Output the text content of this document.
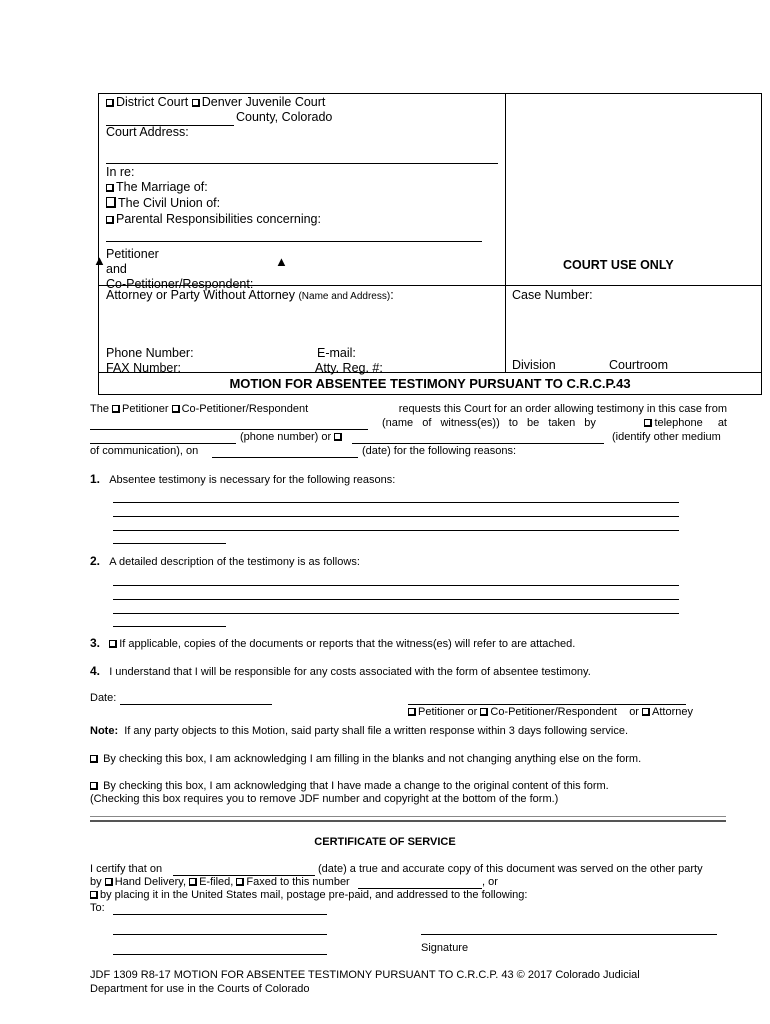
District Court Denver Juvenile Court
County, Colorado
Court Address:
In re:
The Marriage of:
The Civil Union of:
Parental Responsibilities concerning:
Petitioner
and
Co-Petitioner/Respondent:
▲	▲	COURT USE ONLY
Attorney or Party Without Attorney (Name and Address):
Phone Number:
FAX Number:
E-mail:
Atty. Reg. #:
Case Number:
Division	Courtroom
MOTION FOR ABSENTEE TESTIMONY PURSUANT TO C.R.C.P.43
The Petitioner Co-Petitioner/Respondent	requests this Court for an order allowing testimony in this case from
(name of witness(es)) to be taken by	telephone at
(phone number) or	(identify other medium
of communication), on	(date) for the following reasons:
1. Absentee testimony is necessary for the following reasons:
2. A detailed description of the testimony is as follows:
3. If applicable, copies of the documents or reports that the witness(es) will refer to are attached.
4. I understand that I will be responsible for any costs associated with the form of absentee testimony.
Date:
Petitioner or Co-Petitioner/Respondent or Attorney
Note: If any party objects to this Motion, said party shall file a written response within 3 days following service.
By checking this box, I am acknowledging I am filling in the blanks and not changing anything else on the form.
By checking this box, I am acknowledging that I have made a change to the original content of this form.
(Checking this box requires you to remove JDF number and copyright at the bottom of the form.)
CERTIFICATE OF SERVICE
I certify that on	(date) a true and accurate copy of this document was served on the other party
by Hand Delivery, E-filed, Faxed to this number	, or
by placing it in the United States mail, postage pre-paid, and addressed to the following:
To:
Signature
JDF 1309 R8-17 MOTION FOR ABSENTEE TESTIMONY PURSUANT TO C.R.C.P. 43 © 2017 Colorado Judicial
Department for use in the Courts of Colorado
